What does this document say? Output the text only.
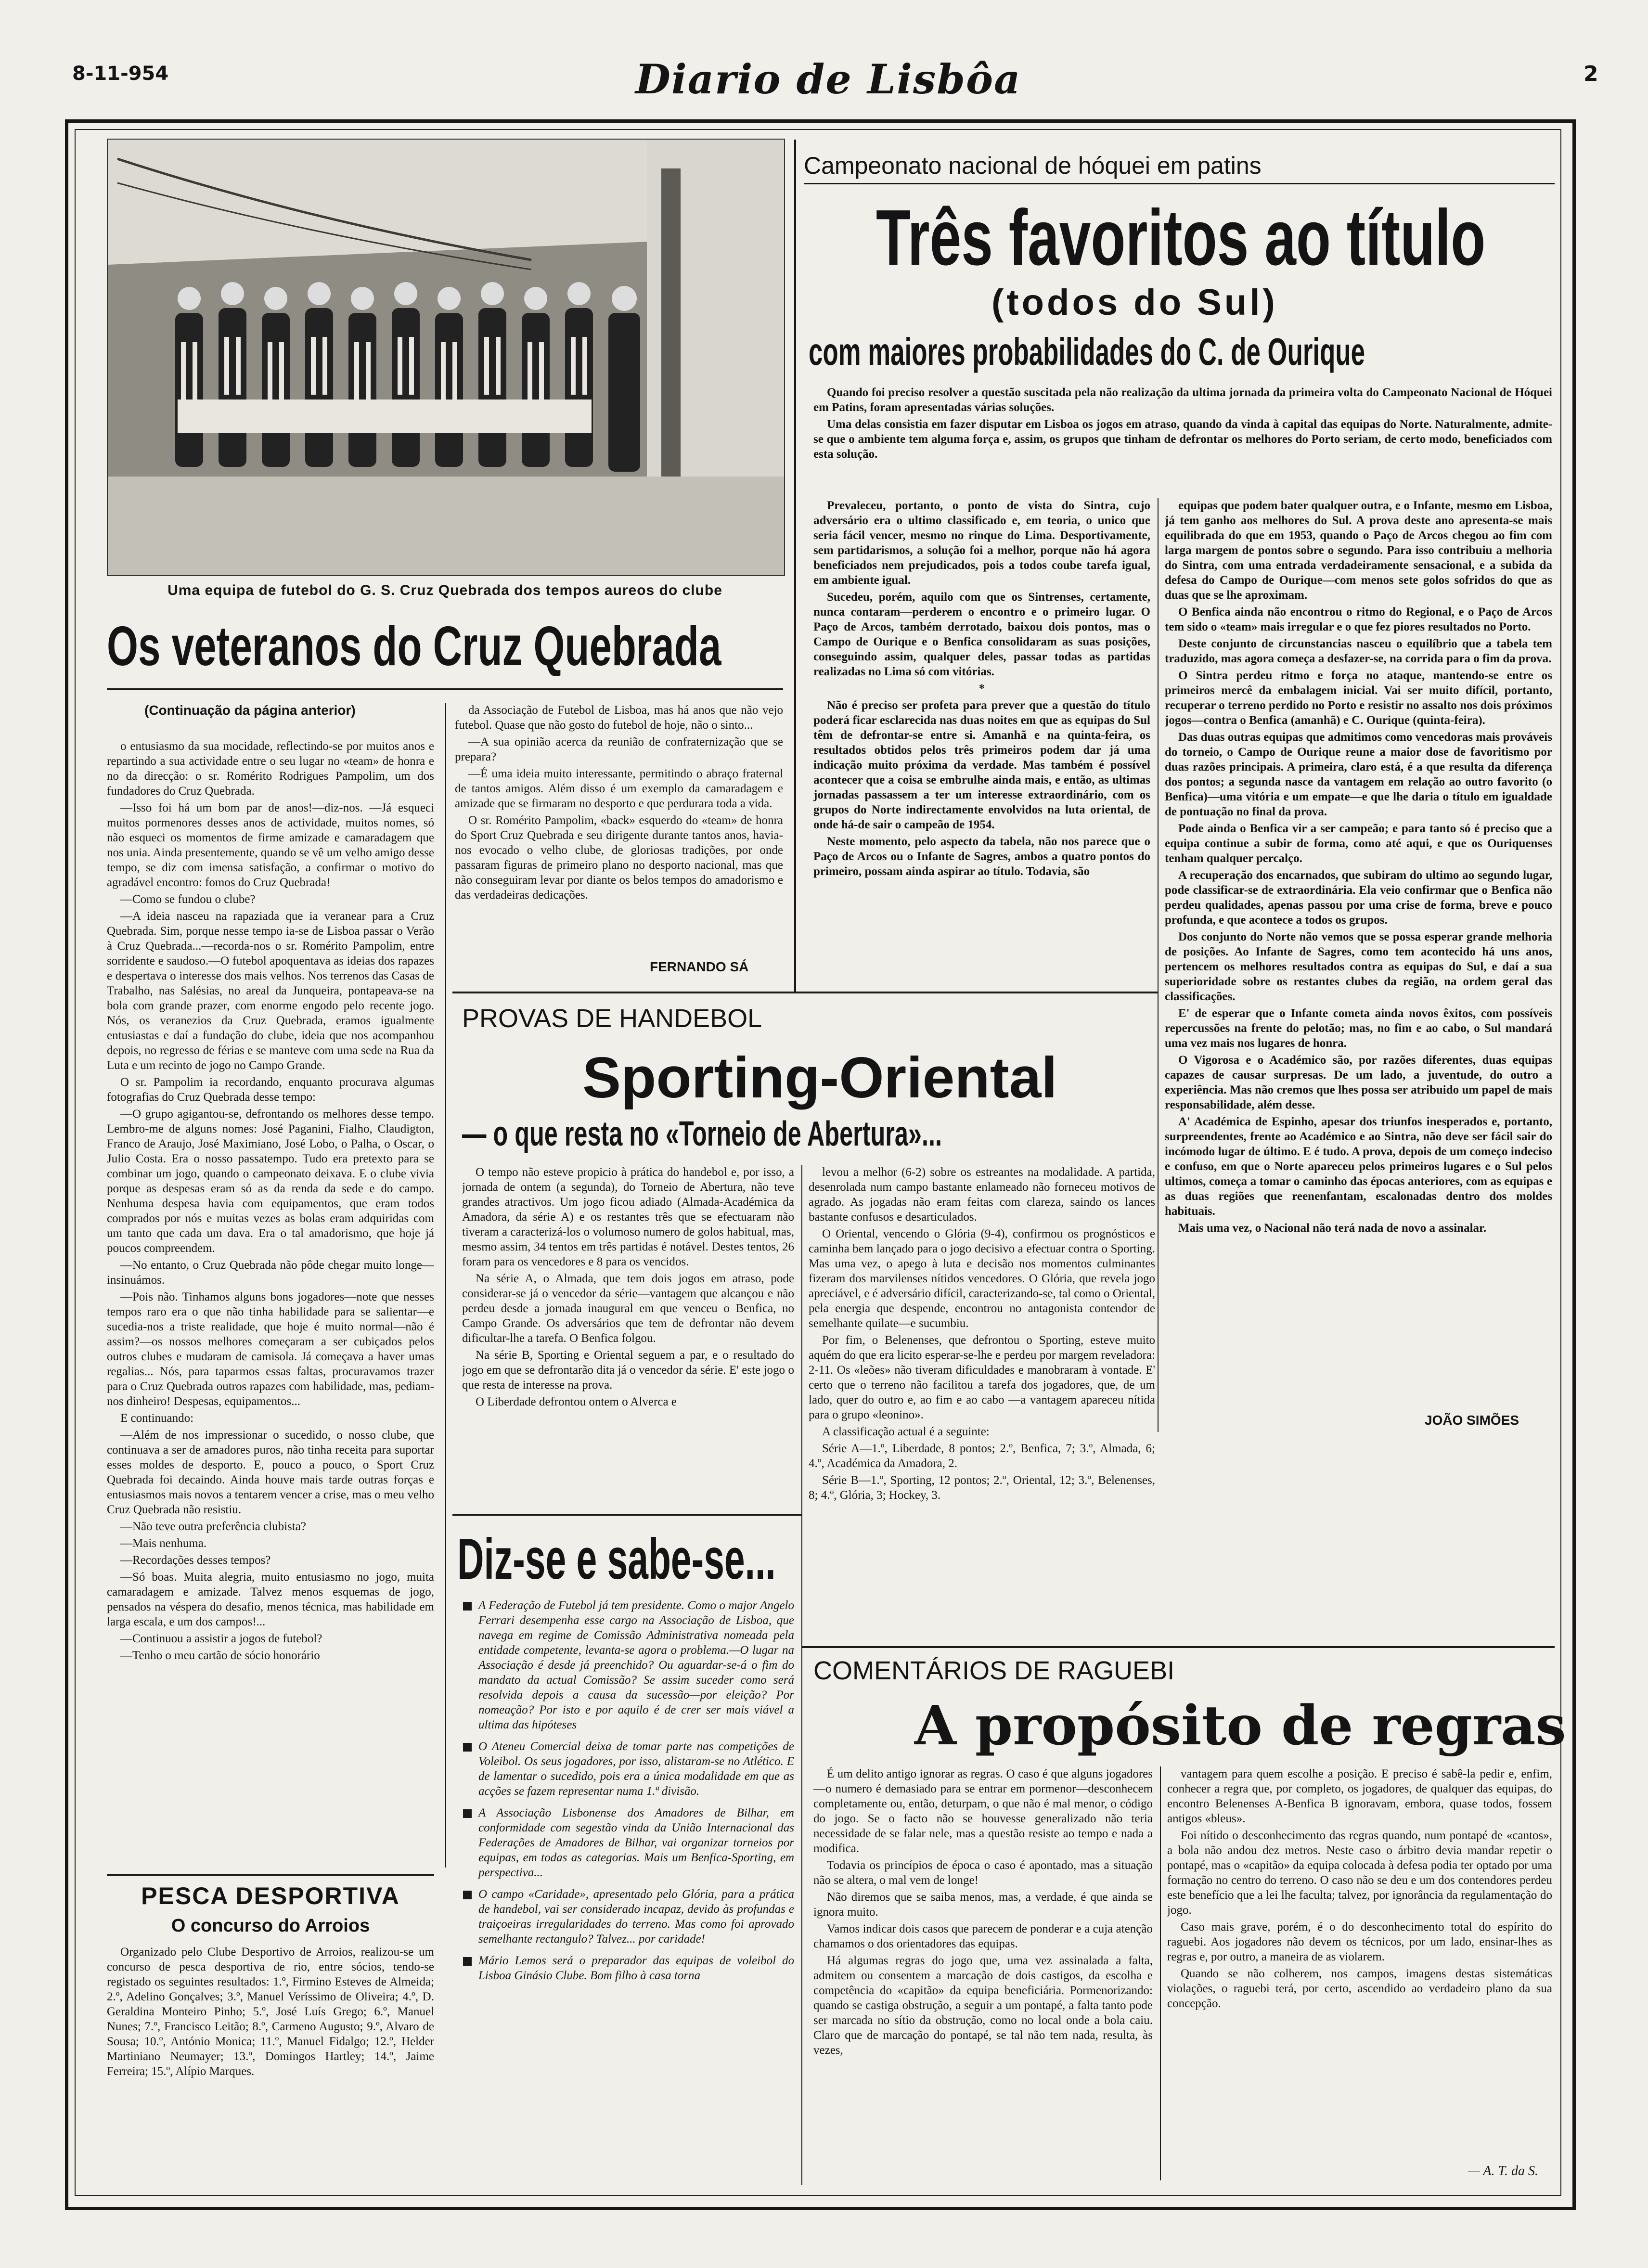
8-11-954	Diario de Lisbôa	2
Uma equipa de futebol do G. S. Cruz Quebrada dos tempos aureos do clube
Os veteranos do Cruz Quebrada
(Continuação da página anterior)

o entusiasmo da sua mocidade, reflectindo-se por muitos anos e repartindo a sua actividade entre o seu lugar no «team» de honra e no da direcção: o sr. Romérito Rodrigues Pampolim, um dos fundadores do Cruz Quebrada.

—Isso foi há um bom par de anos!—diz-nos. —Já esqueci muitos pormenores desses anos de actividade, muitos nomes, só não esqueci os momentos de firme amizade e camaradagem que nos unia. Ainda presentemente, quando se vê um velho amigo desse tempo, se diz com imensa satisfação, a confirmar o motivo do agradável encontro: fomos do Cruz Quebrada!

—Como se fundou o clube?

—A ideia nasceu na rapaziada que ia veranear para a Cruz Quebrada. Sim, porque nesse tempo ia-se de Lisboa passar o Verão à Cruz Quebrada...—recorda-nos o sr. Romérito Pampolim, entre sorridente e saudoso.—O futebol apoquentava as ideias dos rapazes e despertava o interesse dos mais velhos. Nos terrenos das Casas de Trabalho, nas Salésias, no areal da Junqueira, pontapeava-se na bola com grande prazer, com enorme engodo pelo recente jogo. Nós, os veranezios da Cruz Quebrada, eramos igualmente entusiastas e daí a fundação do clube, ideia que nos acompanhou depois, no regresso de férias e se manteve com uma sede na Rua da Luta e um recinto de jogo no Campo Grande.

O sr. Pampolim ia recordando, enquanto procurava algumas fotografias do Cruz Quebrada desse tempo:

—O grupo agigantou-se, defrontando os melhores desse tempo. Lembro-me de alguns nomes: José Paganini, Fialho, Claudigton, Franco de Araujo, José Maximiano, José Lobo, o Palha, o Oscar, o Julio Costa. Era o nosso passatempo. Tudo era pretexto para se combinar um jogo, quando o campeonato deixava. E o clube vivia porque as despesas eram só as da renda da sede e do campo. Nenhuma despesa havia com equipamentos, que eram todos comprados por nós e muitas vezes as bolas eram adquiridas com um tanto que cada um dava. Era o tal amadorismo, que hoje já poucos compreendem.

—No entanto, o Cruz Quebrada não pôde chegar muito longe—insinuámos.

—Pois não. Tinhamos alguns bons jogadores—note que nesses tempos raro era o que não tinha habilidade para se salientar—e sucedia-nos a triste realidade, que hoje é muito normal—não é assim?—os nossos melhores começaram a ser cubiçados pelos outros clubes e mudaram de camisola. Já começava a haver umas regalias... Nós, para taparmos essas faltas, procuravamos trazer para o Cruz Quebrada outros rapazes com habilidade, mas, pediam-nos dinheiro! Despesas, equipamentos...

E continuando:

—Além de nos impressionar o sucedido, o nosso clube, que continuava a ser de amadores puros, não tinha receita para suportar esses moldes de desporto. E, pouco a pouco, o Sport Cruz Quebrada foi decaindo. Ainda houve mais tarde outras forças e entusiasmos mais novos a tentarem vencer a crise, mas o meu velho Cruz Quebrada não resistiu.

—Não teve outra preferência clubista?

—Mais nenhuma.

—Recordações desses tempos?

—Só boas. Muita alegria, muito entusiasmo no jogo, muita camaradagem e amizade. Talvez menos esquemas de jogo, pensados na véspera do desafio, menos técnica, mas habilidade em larga escala, e um dos campos!...

—Continuou a assistir a jogos de futebol?

—Tenho o meu cartão de sócio honorário

da Associação de Futebol de Lisboa, mas há anos que não vejo futebol. Quase que não gosto do futebol de hoje, não o sinto...

—A sua opinião acerca da reunião de confraternização que se prepara?

—É uma ideia muito interessante, permitindo o abraço fraternal de tantos amigos. Além disso é um exemplo da camaradagem e amizade que se firmaram no desporto e que perdurara toda a vida.

O sr. Romérito Pampolim, «back» esquerdo do «team» de honra do Sport Cruz Quebrada e seu dirigente durante tantos anos, havia-nos evocado o velho clube, de gloriosas tradições, por onde passaram figuras de primeiro plano no desporto nacional, mas que não conseguiram levar por diante os belos tempos do amadorismo e das verdadeiras dedicações.

FERNANDO SÁ
PESCA DESPORTIVA
O concurso do Arroios

Organizado pelo Clube Desportivo de Arroios, realizou-se um concurso de pesca desportiva de rio, entre sócios, tendo-se registado os seguintes resultados: 1.º, Firmino Esteves de Almeida; 2.º, Adelino Gonçalves; 3.º, Manuel Veríssimo de Oliveira; 4.º, D. Geraldina Monteiro Pinho; 5.º, José Luís Grego; 6.º, Manuel Nunes; 7.º, Francisco Leitão; 8.º, Carmeno Augusto; 9.º, Alvaro de Sousa; 10.º, António Monica; 11.º, Manuel Fidalgo; 12.º, Helder Martiniano Neumayer; 13.º, Domingos Hartley; 14.º, Jaime Ferreira; 15.º, Alípio Marques.

Campeonato nacional de hóquei em patins
Três favoritos ao título
(todos do Sul)
com maiores probabilidades do C. de Ourique

Quando foi preciso resolver a questão suscitada pela não realização da ultima jornada da primeira volta do Campeonato Nacional de Hóquei em Patins, foram apresentadas várias soluções.

Uma delas consistia em fazer disputar em Lisboa os jogos em atraso, quando da vinda à capital das equipas do Norte. Naturalmente, admite-se que o ambiente tem alguma força e, assim, os grupos que tinham de defrontar os melhores do Porto seriam, de certo modo, beneficiados com esta solução.

Prevaleceu, portanto, o ponto de vista do Sintra, cujo adversário era o ultimo classificado e, em teoria, o unico que seria fácil vencer, mesmo no rinque do Lima. Desportivamente, sem partidarismos, a solução foi a melhor, porque não há agora beneficiados nem prejudicados, pois a todos coube tarefa igual, em ambiente igual.

Sucedeu, porém, aquilo com que os Sintrenses, certamente, nunca contaram—perderem o encontro e o primeiro lugar. O Paço de Arcos, também derrotado, baixou dois pontos, mas o Campo de Ourique e o Benfica consolidaram as suas posições, conseguindo assim, qualquer deles, passar todas as partidas realizadas no Lima só com vitórias.

*

Não é preciso ser profeta para prever que a questão do título poderá ficar esclarecida nas duas noites em que as equipas do Sul têm de defrontar-se entre si. Amanhã e na quinta-feira, os resultados obtidos pelos três primeiros podem dar já uma indicação muito próxima da verdade. Mas também é possível acontecer que a coisa se embrulhe ainda mais, e então, as ultimas jornadas passassem a ter um interesse extraordinário, com os grupos do Norte indirectamente envolvidos na luta oriental, de onde há-de sair o campeão de 1954.

Neste momento, pelo aspecto da tabela, não nos parece que o Paço de Arcos ou o Infante de Sagres, ambos a quatro pontos do primeiro, possam ainda aspirar ao título. Todavia, são

equipas que podem bater qualquer outra, e o Infante, mesmo em Lisboa, já tem ganho aos melhores do Sul. A prova deste ano apresenta-se mais equilibrada do que em 1953, quando o Paço de Arcos chegou ao fim com larga margem de pontos sobre o segundo. Para isso contribuiu a melhoria do Sintra, com uma entrada verdadeiramente sensacional, e a subida da defesa do Campo de Ourique—com menos sete golos sofridos do que as duas que se lhe aproximam.

O Benfica ainda não encontrou o ritmo do Regional, e o Paço de Arcos tem sido o «team» mais irregular e o que fez piores resultados no Porto.

Deste conjunto de circunstancias nasceu o equilíbrio que a tabela tem traduzido, mas agora começa a desfazer-se, na corrida para o fim da prova.

O Sintra perdeu ritmo e força no ataque, mantendo-se entre os primeiros mercê da embalagem inicial. Vai ser muito difícil, portanto, recuperar o terreno perdido no Porto e resistir no assalto nos dois próximos jogos—contra o Benfica (amanhã) e C. Ourique (quinta-feira).

Das duas outras equipas que admitimos como vencedoras mais prováveis do torneio, o Campo de Ourique reune a maior dose de favoritismo por duas razões principais. A primeira, claro está, é a que resulta da diferença dos pontos; a segunda nasce da vantagem em relação ao outro favorito (o Benfica)—uma vitória e um empate—e que lhe daria o título em igualdade de pontuação no final da prova.

Pode ainda o Benfica vir a ser campeão; e para tanto só é preciso que a equipa continue a subir de forma, como até aqui, e que os Ouriquenses tenham qualquer percalço.

A recuperação dos encarnados, que subiram do ultimo ao segundo lugar, pode classificar-se de extraordinária. Ela veio confirmar que o Benfica não perdeu qualidades, apenas passou por uma crise de forma, breve e pouco profunda, e que acontece a todos os grupos.

Dos conjunto do Norte não vemos que se possa esperar grande melhoria de posições. Ao Infante de Sagres, como tem acontecido há uns anos, pertencem os melhores resultados contra as equipas do Sul, e daí a sua superioridade sobre os restantes clubes da região, na ordem geral das classificações.

E' de esperar que o Infante cometa ainda novos êxitos, com possíveis repercussões na frente do pelotão; mas, no fim e ao cabo, o Sul mandará uma vez mais nos lugares de honra.

O Vigorosa e o Académico são, por razões diferentes, duas equipas capazes de causar surpresas. De um lado, a juventude, do outro a experiência. Mas não cremos que lhes possa ser atribuido um papel de mais responsabilidade, além desse.

A' Académica de Espinho, apesar dos triunfos inesperados e, portanto, surpreendentes, frente ao Académico e ao Sintra, não deve ser fácil sair do incómodo lugar de último. E é tudo. A prova, depois de um começo indeciso e confuso, em que o Norte apareceu pelos primeiros lugares e o Sul pelos ultimos, começa a tomar o caminho das épocas anteriores, com as equipas e as duas regiões que reenenfantam, escalonadas dentro dos moldes habituais.

Mais uma vez, o Nacional não terá nada de novo a assinalar.

JOÃO SIMÕES
PROVAS DE HANDEBOL
Sporting-Oriental
— o que resta no «Torneio de Abertura»...

O tempo não esteve propicio à prática do handebol e, por isso, a jornada de ontem (a segunda), do Torneio de Abertura, não teve grandes atractivos. Um jogo ficou adiado (Almada-Académica da Amadora, da série A) e os restantes três que se efectuaram não tiveram a caracterizá-los o volumoso numero de golos habitual, mas, mesmo assim, 34 tentos em três partidas é notável. Destes tentos, 26 foram para os vencedores e 8 para os vencidos.

Na série A, o Almada, que tem dois jogos em atraso, pode considerar-se já o vencedor da série—vantagem que alcançou e não perdeu desde a jornada inaugural em que venceu o Benfica, no Campo Grande. Os adversários que tem de defrontar não devem dificultar-lhe a tarefa. O Benfica folgou.

Na série B, Sporting e Oriental seguem a par, e o resultado do jogo em que se defrontarão dita já o vencedor da série. E' este jogo o que resta de interesse na prova.

O Liberdade defrontou ontem o Alverca e

levou a melhor (6-2) sobre os estreantes na modalidade. A partida, desenrolada num campo bastante enlameado não forneceu motivos de agrado. As jogadas não eram feitas com clareza, saindo os lances bastante confusos e desarticulados.

O Oriental, vencendo o Glória (9-4), confirmou os prognósticos e caminha bem lançado para o jogo decisivo a efectuar contra o Sporting. Mas uma vez, o apego à luta e decisão nos momentos culminantes fizeram dos marvilenses nítidos vencedores. O Glória, que revela jogo apreciável, e é adversário difícil, caracterizando-se, tal como o Oriental, pela energia que despende, encontrou no antagonista contendor de semelhante quilate—e sucumbiu.

Por fim, o Belenenses, que defrontou o Sporting, esteve muito aquém do que era licito esperar-se-lhe e perdeu por margem reveladora: 2-11. Os «leões» não tiveram dificuldades e manobraram à vontade. E' certo que o terreno não facilitou a tarefa dos jogadores, que, de um lado, quer do outro e, ao fim e ao cabo —a vantagem apareceu nítida para o grupo «leonino».

A classificação actual é a seguinte:

Série A—1.º, Liberdade, 8 pontos; 2.º, Benfica, 7; 3.º, Almada, 6; 4.º, Académica da Amadora, 2.

Série B—1.º, Sporting, 12 pontos; 2.º, Oriental, 12; 3.º, Belenenses, 8; 4.º, Glória, 3; Hockey, 3.

Diz-se e sabe-se...

A Federação de Futebol já tem presidente. Como o major Angelo Ferrari desempenha esse cargo na Associação de Lisboa, que navega em regime de Comissão Administrativa nomeada pela entidade competente, levanta-se agora o problema.—O lugar na Associação é desde já preenchido? Ou aguardar-se-á o fim do mandato da actual Comissão? Se assim suceder como será resolvida depois a causa da sucessão—por eleição? Por nomeação? Por isto e por aquilo é de crer ser mais viável a ultima das hipóteses

O Ateneu Comercial deixa de tomar parte nas competições de Voleibol. Os seus jogadores, por isso, alistaram-se no Atlético. E de lamentar o sucedido, pois era a única modalidade em que as acções se fazem representar numa 1.ª divisão.

A Associação Lisbonense dos Amadores de Bilhar, em conformidade com segestão vinda da União Internacional das Federações de Amadores de Bilhar, vai organizar torneios por equipas, em todas as categorias. Mais um Benfica-Sporting, em perspectiva...

O campo «Caridade», apresentado pelo Glória, para a prática de handebol, vai ser considerado incapaz, devido às profundas e traiçoeiras irregularidades do terreno. Mas como foi aprovado semelhante rectangulo? Talvez... por caridade!

Mário Lemos será o preparador das equipas de voleibol do Lisboa Ginásio Clube. Bom filho à casa torna

COMENTÁRIOS DE RAGUEBI
A propósito de regras

É um delito antigo ignorar as regras. O caso é que alguns jogadores—o numero é demasiado para se entrar em pormenor—desconhecem completamente ou, então, deturpam, o que não é mal menor, o código do jogo. Se o facto não se houvesse generalizado não teria necessidade de se falar nele, mas a questão resiste ao tempo e nada a modifica.

Todavia os princípios de época o caso é apontado, mas a situação não se altera, o mal vem de longe!

Não diremos que se saiba menos, mas, a verdade, é que ainda se ignora muito.

Vamos indicar dois casos que parecem de ponderar e a cuja atenção chamamos o dos orientadores das equipas.

Há algumas regras do jogo que, uma vez assinalada a falta, admitem ou consentem a marcação de dois castigos, da escolha e competência do «capitão» da equipa beneficiária. Pormenorizando: quando se castiga obstrução, a seguir a um pontapé, a falta tanto pode ser marcada no sítio da obstrução, como no local onde a bola caiu. Claro que de marcação do pontapé, se tal não tem nada, resulta, às vezes,

vantagem para quem escolhe a posição. E preciso é sabê-la pedir e, enfim, conhecer a regra que, por completo, os jogadores, de qualquer das equipas, do encontro Belenenses A-Benfica B ignoravam, embora, quase todos, fossem antigos «bleus».

Foi nítido o desconhecimento das regras quando, num pontapé de «cantos», a bola não andou dez metros. Neste caso o árbitro devia mandar repetir o pontapé, mas o «capitão» da equipa colocada à defesa podia ter optado por uma formação no centro do terreno. O caso não se deu e um dos contendores perdeu este benefício que a lei lhe faculta; talvez, por ignorância da regulamentação do jogo.

Caso mais grave, porém, é o do desconhecimento total do espírito do raguebi. Aos jogadores não devem os técnicos, por um lado, ensinar-lhes as regras e, por outro, a maneira de as violarem.

Quando se não colherem, nos campos, imagens destas sistemáticas violações, o raguebi terá, por certo, ascendido ao verdadeiro plano da sua concepção.

— A. T. da S.
